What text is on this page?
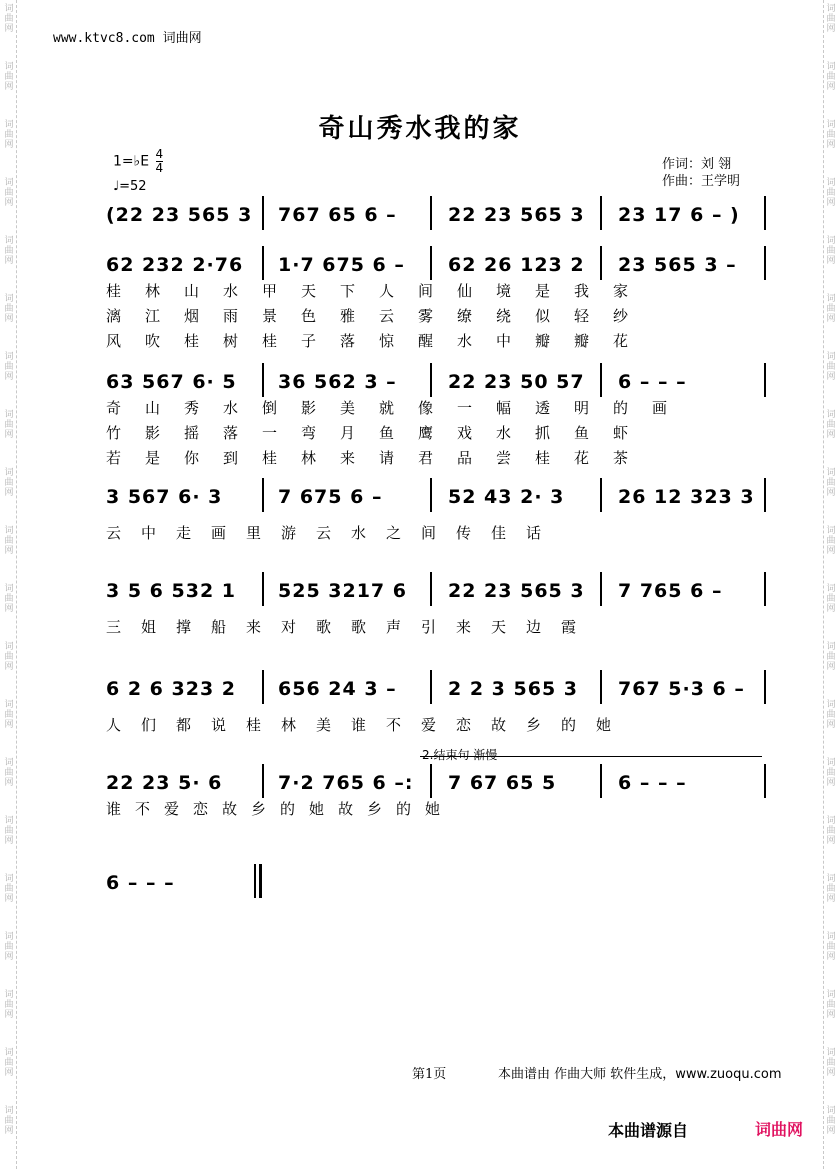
词曲网
词曲网
词曲网
词曲网
词曲网
词曲网
词曲网
词曲网
词曲网
词曲网
词曲网
词曲网
词曲网
词曲网
词曲网
词曲网
词曲网
词曲网
词曲网
词曲网
词曲网
词曲网
词曲网
词曲网
词曲网
词曲网
词曲网
词曲网
词曲网
词曲网
词曲网
词曲网
词曲网
词曲网
词曲网
词曲网
词曲网
词曲网
词曲网
词曲网
www.ktvc8.com 词曲网
奇山秀水我的家
1=♭E $\frac{4}{4}$
♩=52
作词：刘 翎
作曲：王学明
(22 23 565 3 767 65 6 –	22 23 565 3 23 17 6 – )
62 232 2·76 1·7 675 6 – 62 26 123 2 23 565 3 –
桂林山水甲天下人间仙境是我家
漓江烟雨景色雅云雾缭绕似轻纱
风吹桂树桂子落惊醒水中瓣瓣花
63 567 6· 5 36 562 3 –	22 23 50 57 6 – – –
奇山秀水倒影美就像一幅透明的画
竹影摇落一弯月鱼鹰戏水抓鱼虾
若是你到桂林来请君品尝桂花茶
3 567 6· 3	7 675 6 –	52 43 2· 3	26 12 323 3
云中走画里游云水之间传佳话
3 5 6 532 1 525 3217 6 22 23 565 3 7 765 6 –
三姐撑船来对歌歌声引来天边霞
6 2 6 323 2 656 24 3 –	2 2 3 565 3 767 5·3 6 –
人们都说桂林美谁不爱恋故乡的她
22 23 5· 6	7·2 765 6 –: 7 67 65 5	6 – – –
2.结束句 渐慢
谁不爱恋故乡的她故乡的她
6 – – –
第1页	本曲谱由 作曲大师 软件生成，www.zuoqu.com
本曲谱源自	词曲网
